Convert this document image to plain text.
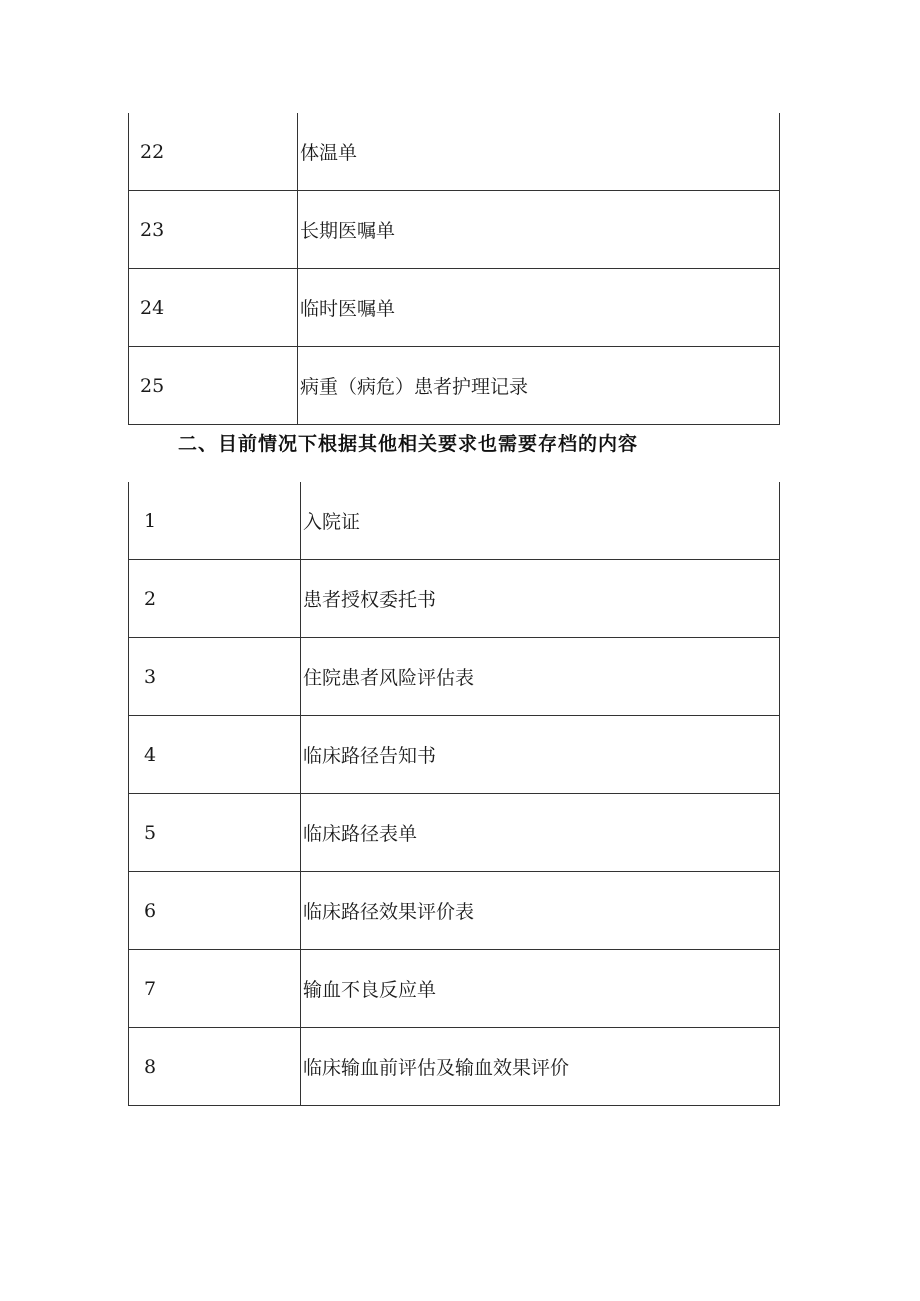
22	体温单
23	长期医嘱单
24	临时医嘱单
25	病重（病危）患者护理记录
二、目前情况下根据其他相关要求也需要存档的内容
1	入院证
2	患者授权委托书
3	住院患者风险评估表
4	临床路径告知书
5	临床路径表单
6	临床路径效果评价表
7	输血不良反应单
8	临床输血前评估及输血效果评价
